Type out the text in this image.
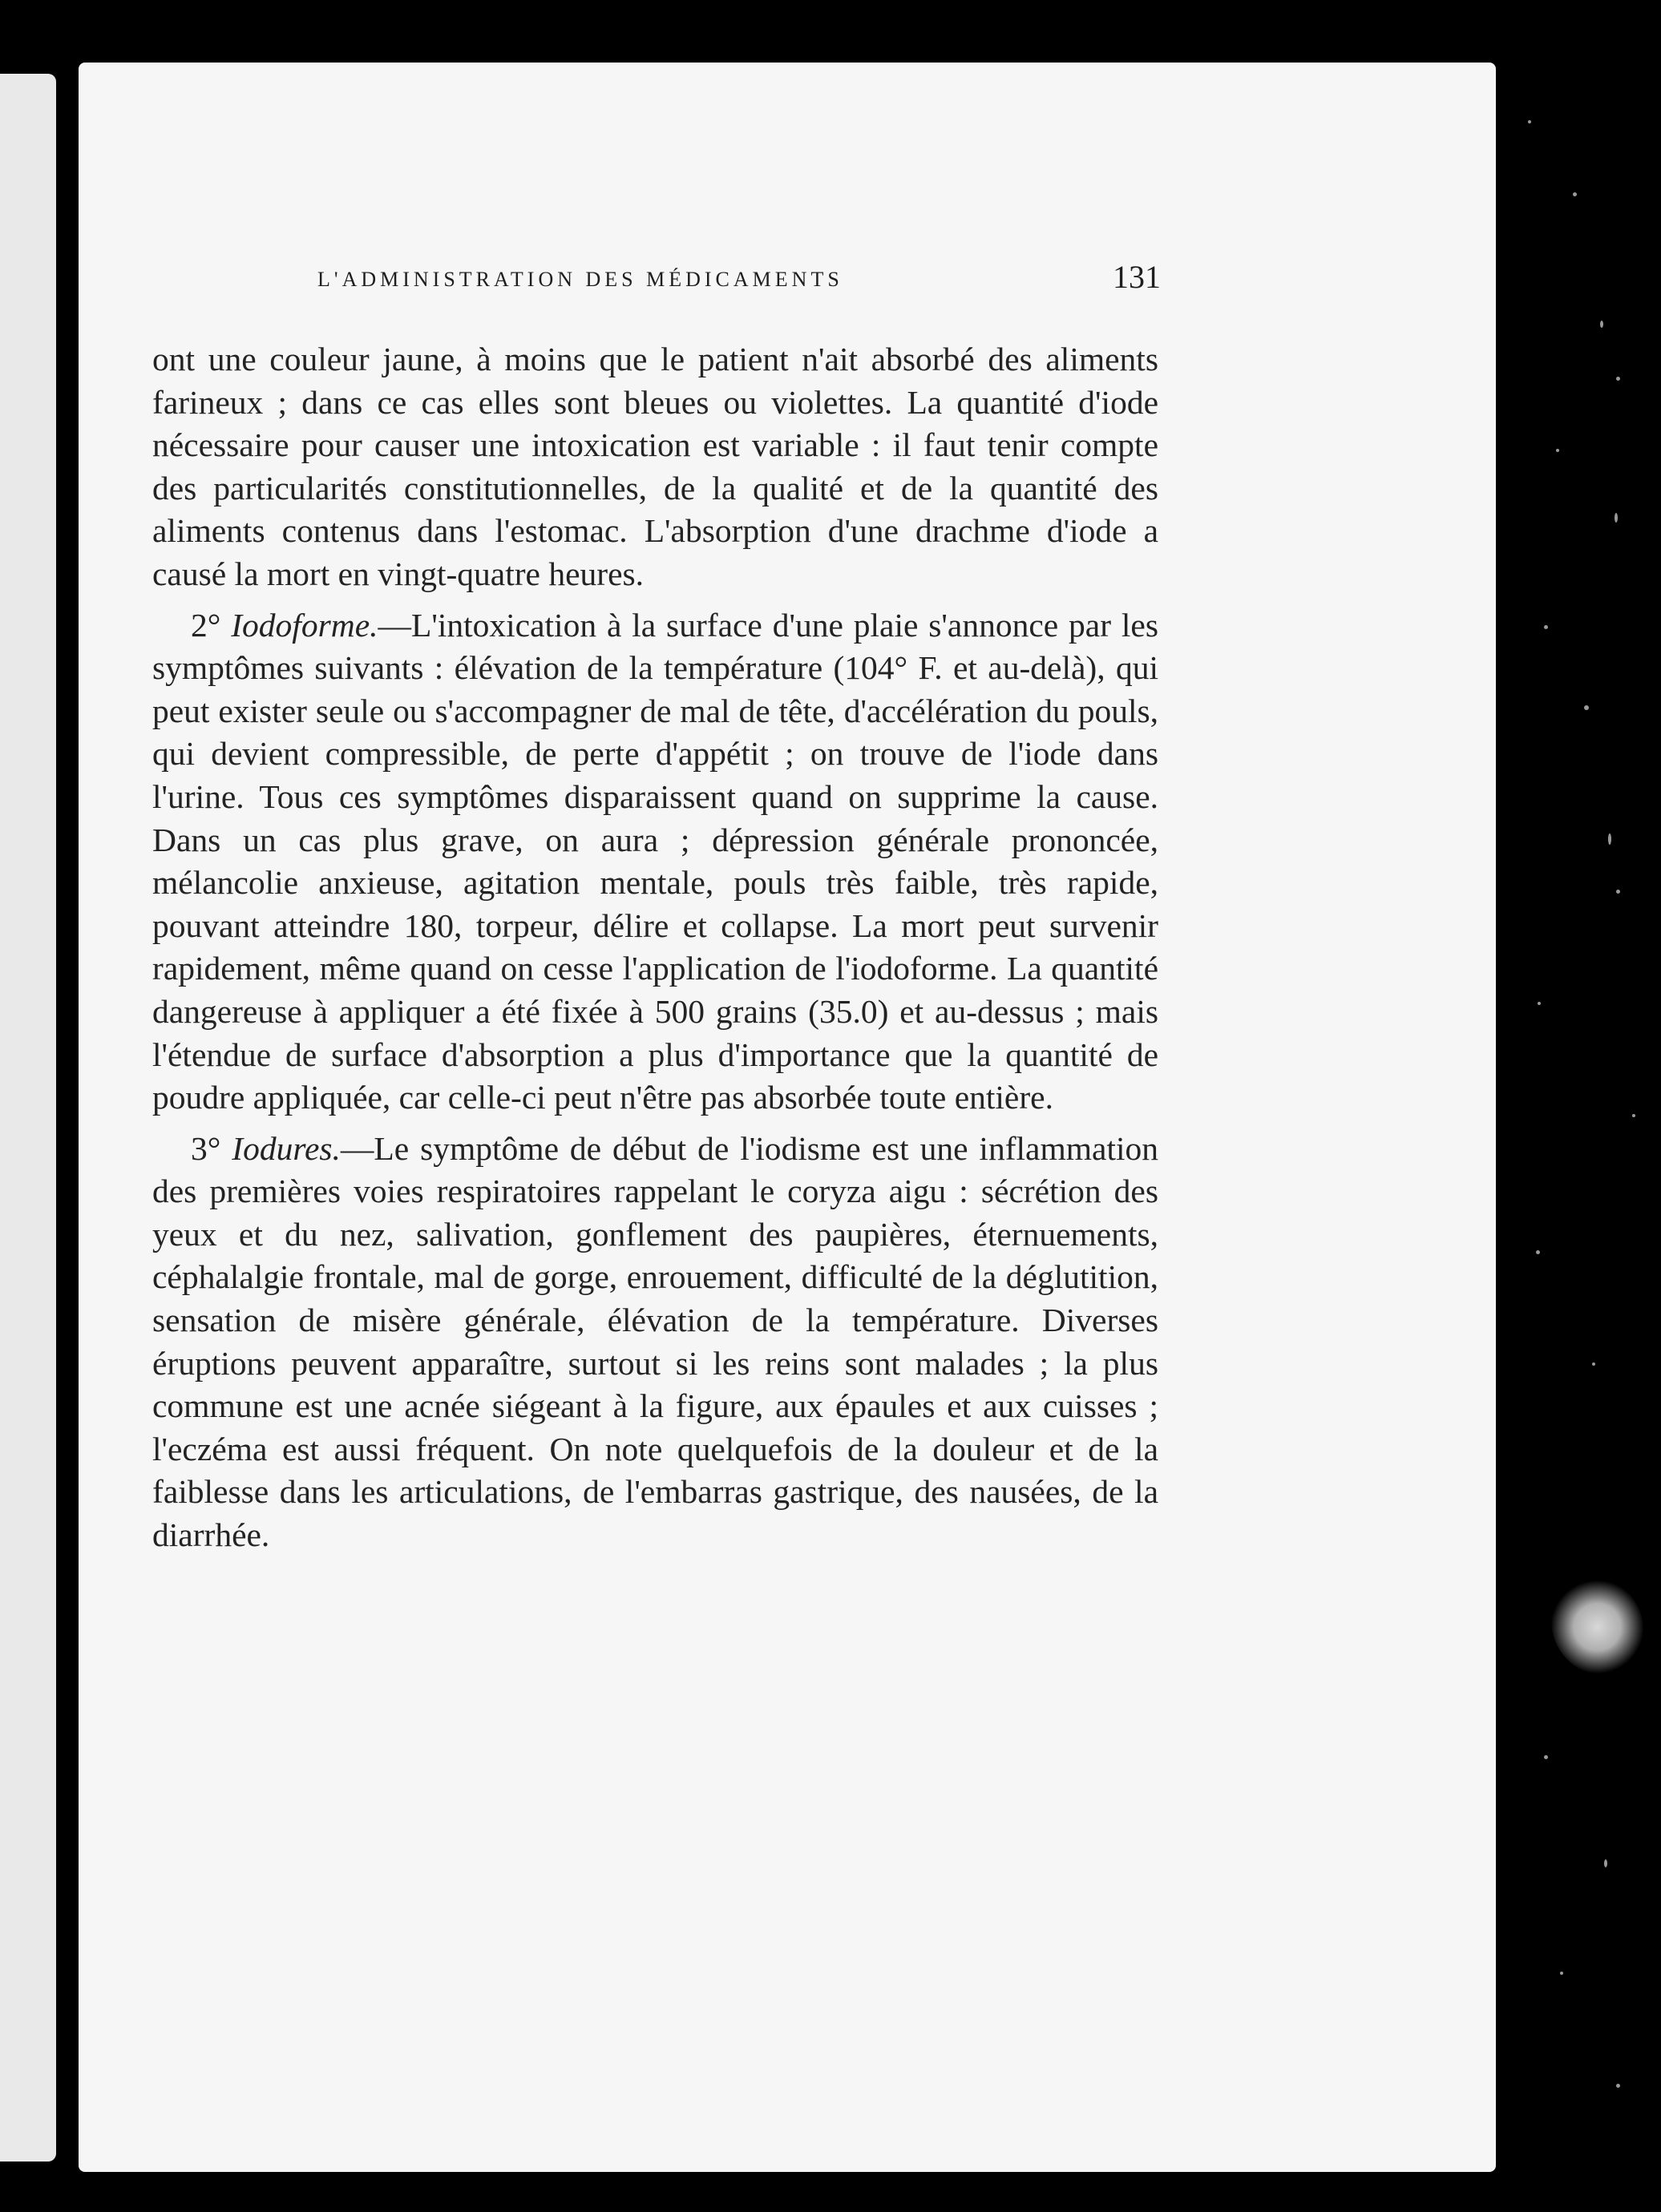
L'ADMINISTRATION DES MÉDICAMENTS	131

ont une couleur jaune, à moins que le patient n'ait absorbé des aliments farineux ; dans ce cas elles sont bleues ou violettes. La quantité d'iode nécessaire pour causer une intoxication est variable : il faut tenir compte des particularités constitutionnelles, de la qualité et de la quantité des aliments contenus dans l'estomac. L'absorption d'une drachme d'iode a causé la mort en vingt-quatre heures.

2° Iodoforme.—L'intoxication à la surface d'une plaie s'annonce par les symptômes suivants : élévation de la température (104° F. et au-delà), qui peut exister seule ou s'accompagner de mal de tête, d'accélération du pouls, qui devient compressible, de perte d'appétit ; on trouve de l'iode dans l'urine. Tous ces symptômes disparaissent quand on supprime la cause. Dans un cas plus grave, on aura ; dépression générale prononcée, mélancolie anxieuse, agitation mentale, pouls très faible, très rapide, pouvant atteindre 180, torpeur, délire et collapse. La mort peut survenir rapidement, même quand on cesse l'application de l'iodoforme. La quantité dangereuse à appliquer a été fixée à 500 grains (35.0) et au-dessus ; mais l'étendue de surface d'absorption a plus d'importance que la quantité de poudre appliquée, car celle-ci peut n'être pas absorbée toute entière.

3° Iodures.—Le symptôme de début de l'iodisme est une inflammation des premières voies respiratoires rappelant le coryza aigu : sécrétion des yeux et du nez, salivation, gonflement des paupières, éternuements, céphalalgie frontale, mal de gorge, enrouement, difficulté de la déglutition, sensation de misère générale, élévation de la température. Diverses éruptions peuvent apparaître, surtout si les reins sont malades ; la plus commune est une acnée siégeant à la figure, aux épaules et aux cuisses ; l'eczéma est aussi fréquent. On note quelquefois de la douleur et de la faiblesse dans les articulations, de l'embarras gastrique, des nausées, de la diarrhée.
